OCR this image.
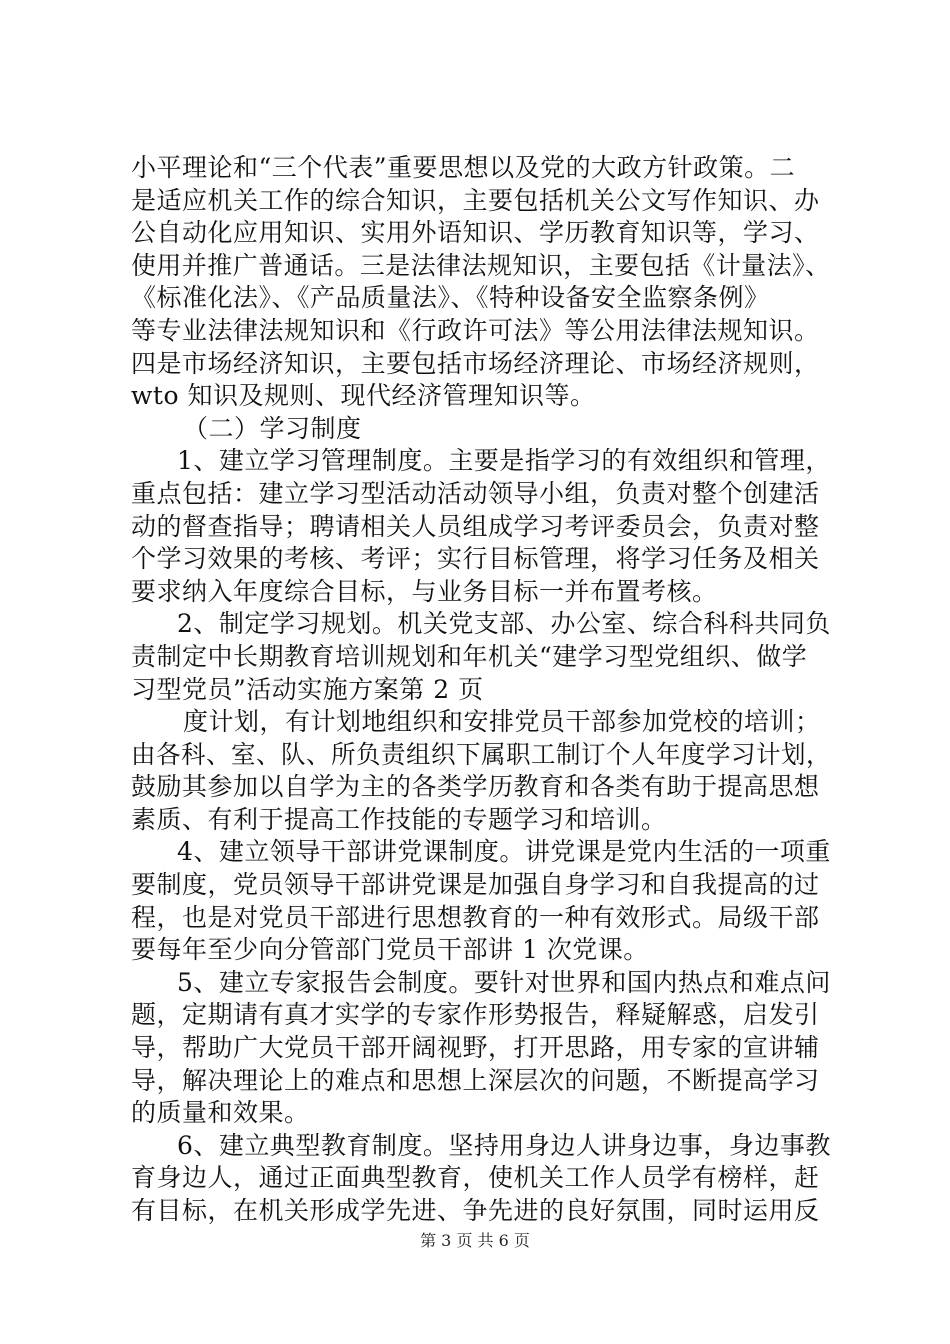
小平理论和“三个代表”重要思想以及党的大政方针政策。二
是适应机关工作的综合知识，主要包括机关公文写作知识、办
公自动化应用知识、实用外语知识、学历教育知识等，学习、
使用并推广普通话。三是法律法规知识，主要包括《计量法》、
《标准化法》、《产品质量法》、《特种设备安全监察条例》
等专业法律法规知识和《行政许可法》等公用法律法规知识。
四是市场经济知识，主要包括市场经济理论、市场经济规则，
wto 知识及规则、现代经济管理知识等。
（二）学习制度
1、建立学习管理制度。主要是指学习的有效组织和管理，
重点包括：建立学习型活动活动领导小组，负责对整个创建活
动的督查指导；聘请相关人员组成学习考评委员会，负责对整
个学习效果的考核、考评；实行目标管理，将学习任务及相关
要求纳入年度综合目标，与业务目标一并布置考核。
2、制定学习规划。机关党支部、办公室、综合科科共同负
责制定中长期教育培训规划和年机关“建学习型党组织、做学
习型党员”活动实施方案第 2 页
度计划，有计划地组织和安排党员干部参加党校的培训；
由各科、室、队、所负责组织下属职工制订个人年度学习计划，
鼓励其参加以自学为主的各类学历教育和各类有助于提高思想
素质、有利于提高工作技能的专题学习和培训。
4、建立领导干部讲党课制度。讲党课是党内生活的一项重
要制度，党员领导干部讲党课是加强自身学习和自我提高的过
程，也是对党员干部进行思想教育的一种有效形式。局级干部
要每年至少向分管部门党员干部讲 1 次党课。
5、建立专家报告会制度。要针对世界和国内热点和难点问
题，定期请有真才实学的专家作形势报告，释疑解惑，启发引
导，帮助广大党员干部开阔视野，打开思路，用专家的宣讲辅
导，解决理论上的难点和思想上深层次的问题，不断提高学习
的质量和效果。
6、建立典型教育制度。坚持用身边人讲身边事，身边事教
育身边人，通过正面典型教育，使机关工作人员学有榜样，赶
有目标，在机关形成学先进、争先进的良好氛围，同时运用反
第 3 页 共 6 页
